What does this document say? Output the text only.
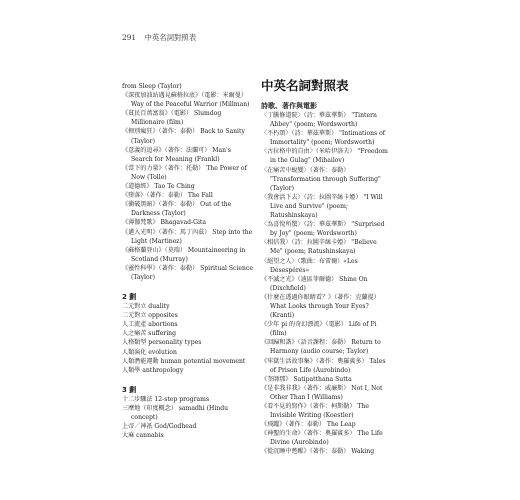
291 中英名詞對照表
from Sleep (Taylor)
《深夜加油站遇見蘇格拉底》（電影：米爾曼） Way of the Peaceful Warrior (Millman)
《貧民百萬富翁》（電影） Slumdog Millionaire (film)
《揮別瘋狂》（著作：泰勒） Back to Sanity (Taylor)
《意義的追尋》（著作：法蘭可） Man's Search for Meaning (Frankl)
《當下的力量》（著作：托勒） The Power of Now (Tolle)
《道德經》 Tao Te Ching
《墮落》（著作：泰勒） The Fall
《衝破黑暗》（著作：泰勒） Out of the Darkness (Taylor)
《薄伽梵歌》 Bhagavad-Gita
《邁入光明》（著作：馬丁內茲） Step into the Light (Martinez)
《蘇格蘭登山》（莫瑞） Mountaineering in Scotland (Murray)
《靈性科學》（著作：泰勒） Spiritual Science (Taylor)
2 劃
二元對立 duality
二元對立 opposites
人工流產 abortions
人之痛苦 suffering
人格類型 personality types
人類演化 evolution
人類潛能運動 human potential movement
人類學 anthropology
3 劃
十二步驟法 12-step programs
三摩地（印度概念） samadhi (Hindu concept)
上帝／神祇 God/Godhead
大麻 cannabis
中英名詞對照表
詩歌、著作與電影
〈丁騰修道院〉（詩：華茲華斯） "Tintern Abbey" (poem; Wordsworth)
〈不朽頌〉（詩：華茲華斯） "Intimations of Immortality" (poem; Wordsworth)
〈古拉格中的自由〉（米哈伊洛夫） "Freedom in the Gulag" (Mihailov)
〈在痛苦中蛻變〉（著作：泰勒） "Transformation through Suffering" (Taylor)
〈我會活下去〉（詩：拉圖辛絲卡婭） "I Will Live and Survive" (poem; Ratushinskaya)
〈為喜悅所驚〉（詩：華茲華斯） "Surprised by Joy" (poem; Wordsworth)
〈相信我〉（詩：拉圖辛絲卡婭） "Believe Me" (poem; Ratushinskaya)
〈絕望之人〉（歌曲：布雷爾）«Les Désespérés»
《不滅之光》（迪區菲爾德） Shine On (Dixchfield)
《什麼在透過你眼睛看？》（著作：克蘭提） What Looks through Your Eyes? (Kranti)
《少年 pi 的奇幻漂流》（電影） Life of Pi (film)
《回歸和諧》（語音課程：泰勒） Return to Harmony (audio course; Taylor)
《牢獄生活故事集》（著作：奧羅賓多） Tales of Prison Life (Aurobindo)
《奎師那》 Satipatthana Sutta
《是非我非我》（著作：威廉斯） Not I, Not Other Than I (Williams)
《看不見的寫作》（著作：柯斯勒） The Invisible Writing (Koestler)
《飛躍》（著作：泰勒） The Leap
《神聖的生命》（著作：奧羅賓多） The Life Divine (Aurobindo)
《從沉睡中甦醒》（著作：泰勒） Waking
